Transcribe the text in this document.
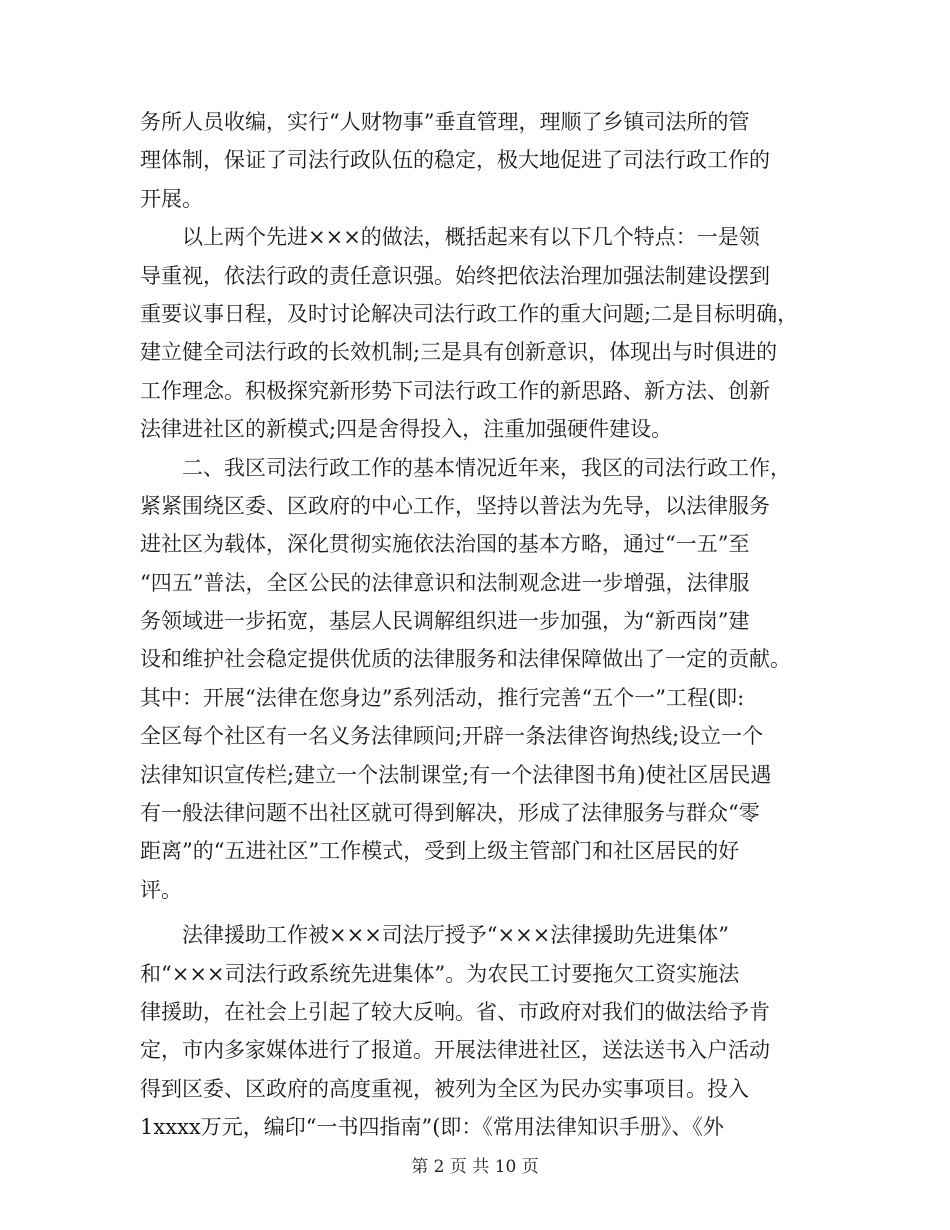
务所人员收编，实行“人财物事”垂直管理，理顺了乡镇司法所的管
理体制，保证了司法行政队伍的稳定，极大地促进了司法行政工作的
开展。
　　以上两个先进×××的做法，概括起来有以下几个特点：一是领
导重视，依法行政的责任意识强。始终把依法治理加强法制建设摆到
重要议事日程，及时讨论解决司法行政工作的重大问题;二是目标明确，
建立健全司法行政的长效机制;三是具有创新意识，体现出与时俱进的
工作理念。积极探究新形势下司法行政工作的新思路、新方法、创新
法律进社区的新模式;四是舍得投入，注重加强硬件建设。
　　二、我区司法行政工作的基本情况近年来，我区的司法行政工作，
紧紧围绕区委、区政府的中心工作，坚持以普法为先导，以法律服务
进社区为载体，深化贯彻实施依法治国的基本方略，通过“一五”至
“四五”普法，全区公民的法律意识和法制观念进一步增强，法律服
务领域进一步拓宽，基层人民调解组织进一步加强，为“新西岗”建
设和维护社会稳定提供优质的法律服务和法律保障做出了一定的贡献。
其中：开展“法律在您身边”系列活动，推行完善“五个一”工程(即:
全区每个社区有一名义务法律顾问;开辟一条法律咨询热线;设立一个
法律知识宣传栏;建立一个法制课堂;有一个法律图书角)使社区居民遇
有一般法律问题不出社区就可得到解决，形成了法律服务与群众“零
距离”的“五进社区”工作模式，受到上级主管部门和社区居民的好
评。
　　法律援助工作被×××司法厅授予“×××法律援助先进集体”
和“×××司法行政系统先进集体”。为农民工讨要拖欠工资实施法
律援助，在社会上引起了较大反响。省、市政府对我们的做法给予肯
定，市内多家媒体进行了报道。开展法律进社区，送法送书入户活动
得到区委、区政府的高度重视，被列为全区为民办实事项目。投入
1xxxx万元，编印“一书四指南”(即：《常用法律知识手册》、《外
第 2 页 共 10 页
